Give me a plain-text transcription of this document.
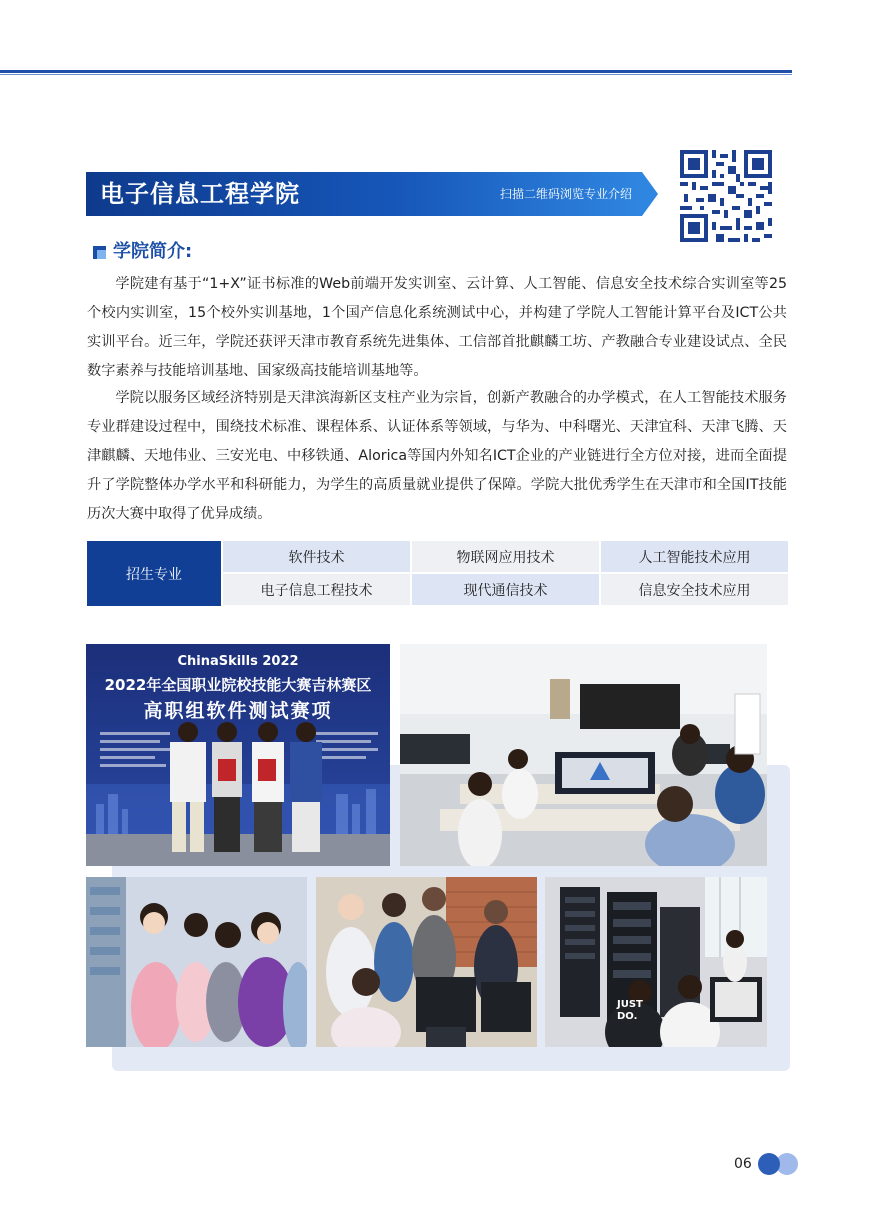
电子信息工程学院	扫描二维码浏览专业介绍
学院简介:

学院建有基于“1+X”证书标准的Web前端开发实训室、云计算、人工智能、信息安全技术综合实训室等25个校内实训室，15个校外实训基地，1个国产信息化系统测试中心，并构建了学院人工智能计算平台及ICT公共实训平台。近三年，学院还获评天津市教育系统先进集体、工信部首批麒麟工坊、产教融合专业建设试点、全民数字素养与技能培训基地、国家级高技能培训基地等。

学院以服务区域经济特别是天津滨海新区支柱产业为宗旨，创新产教融合的办学模式，在人工智能技术服务专业群建设过程中，围绕技术标准、课程体系、认证体系等领域，与华为、中科曙光、天津宜科、天津飞腾、天津麒麟、天地伟业、三安光电、中移铁通、Alorica等国内外知名ICT企业的产业链进行全方位对接，进而全面提升了学院整体办学水平和科研能力，为学生的高质量就业提供了保障。学院大批优秀学生在天津市和全国IT技能历次大赛中取得了优异成绩。

招生专业
软件技术	物联网应用技术	人工智能技术应用
电子信息工程技术	现代通信技术	信息安全技术应用
ChinaSkills 2022
2022年全国职业院校技能大赛吉林赛区
高职组软件测试赛项
JUST DO.
06
